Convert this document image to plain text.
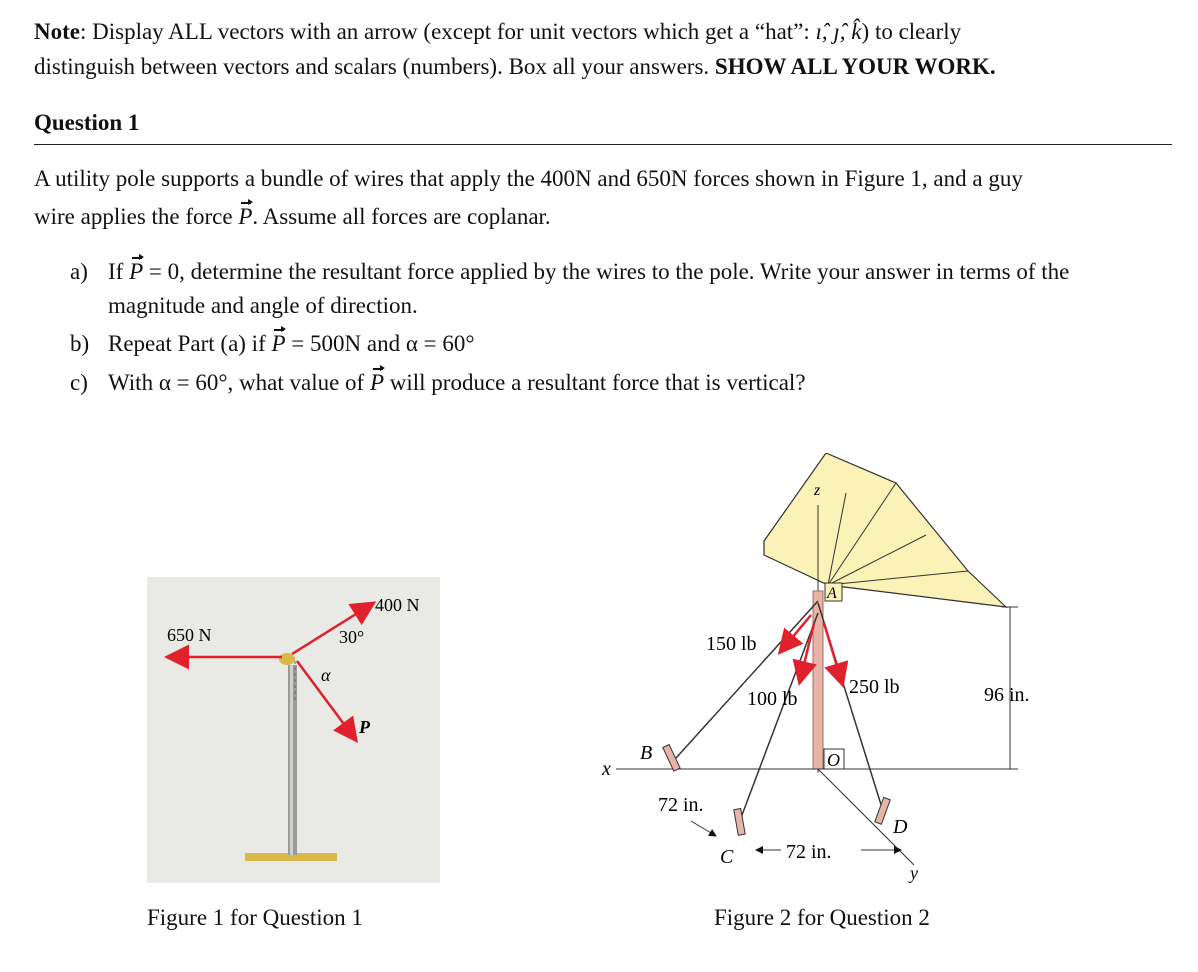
Note: Display ALL vectors with an arrow (except for unit vectors which get a “hat”: ı̂, ȷ̂, k̂) to clearly
distinguish between vectors and scalars (numbers). Box all your answers. SHOW ALL YOUR WORK.
Question 1
A utility pole supports a bundle of wires that apply the 400N and 650N forces shown in Figure 1, and a guy
wire applies the force P. Assume all forces are coplanar.
a) If P = 0, determine the resultant force applied by the wires to the pole. Write your answer in terms of the
magnitude and angle of direction.
b) Repeat Part (a) if P = 500N and α = 60°
c) With α = 60°, what value of P will produce a resultant force that is vertical?
650 N
400 N
30°
α
P
Figure 1 for Question 1
z
x
y
A
B
C
D
O
150 lb
100 lb
250 lb	96 in.
72 in.
72 in.
Figure 2 for Question 2
